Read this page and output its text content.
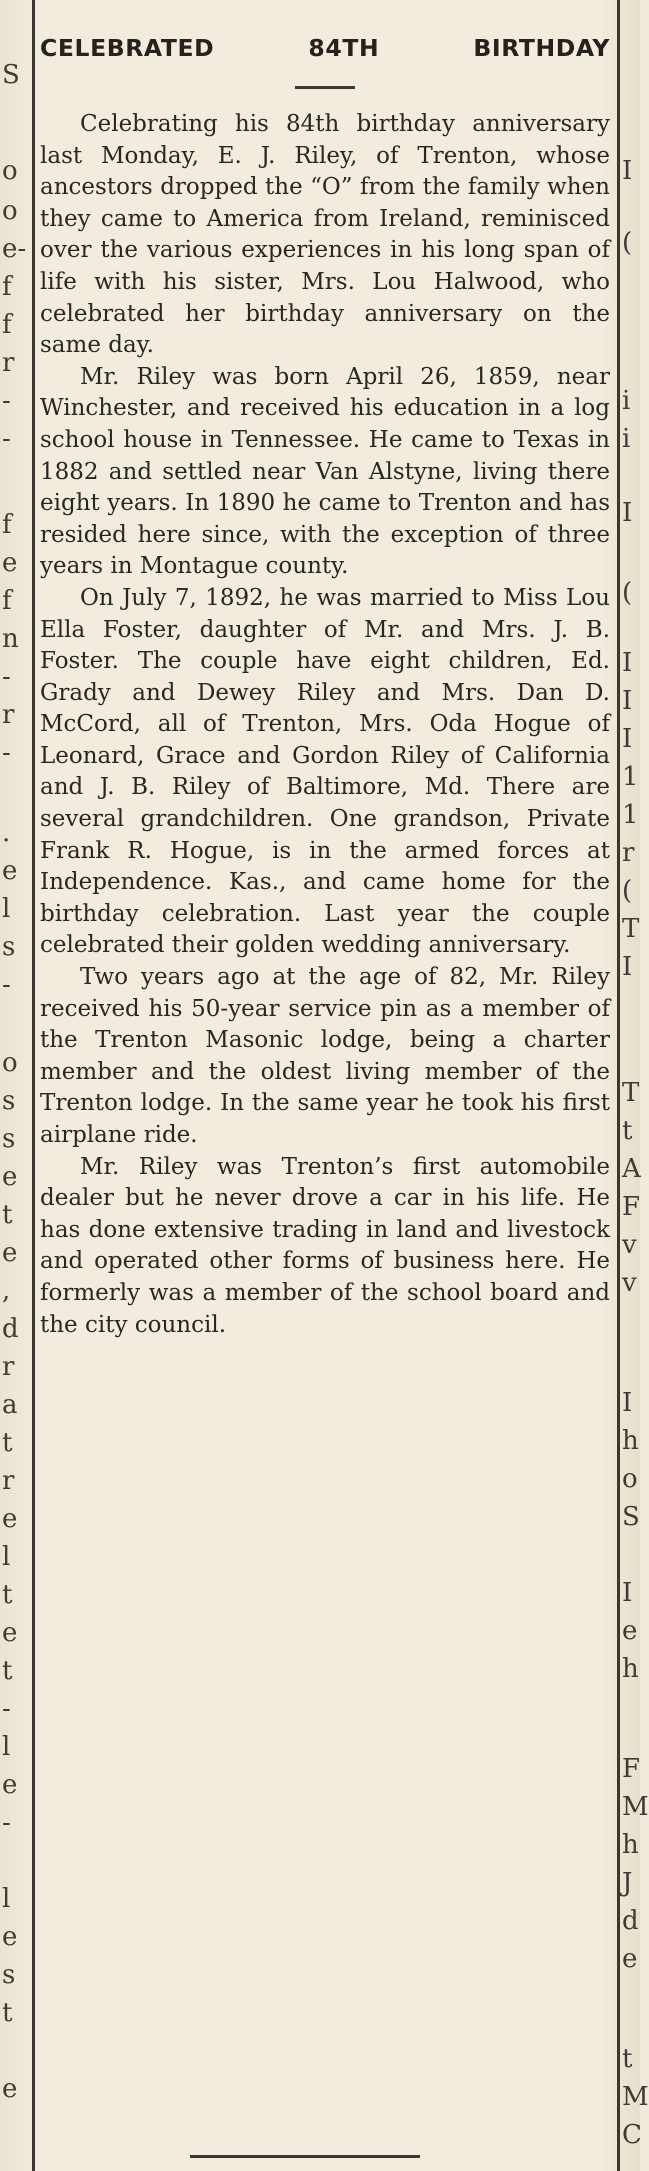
S
o
o
e-
f
f
r
-
-
f
e
f
n
-
r
-
.
e
l
s
-
o
s
s
e
t
e
,
d
r
a
t
r
e
l
t
e
t
-
l
e
-
l
e
s
t
e
I
(
i
i
I
(
I
I
I
1
1
r
(
T
I
T
t
A
F
v
v
I
h
o
S
I
e
h
F
M
h
J
d
e
t
M
C
CELEBRATED 84TH BIRTHDAY

Celebrating his 84th birthday anniversary last Monday, E. J. Riley, of Trenton, whose ancestors dropped the “O” from the family when they came to America from Ireland, reminisced over the various experiences in his long span of life with his sister, Mrs. Lou Halwood, who celebrated her birthday anniversary on the same day.

Mr. Riley was born April 26, 1859, near Winchester, and received his education in a log school house in Tennessee. He came to Texas in 1882 and settled near Van Alstyne, living there eight years. In 1890 he came to Trenton and has resided here since, with the exception of three years in Montague county.

On July 7, 1892, he was married to Miss Lou Ella Foster, daughter of Mr. and Mrs. J. B. Foster. The couple have eight children, Ed. Grady and Dewey Riley and Mrs. Dan D. McCord, all of Trenton, Mrs. Oda Hogue of Leonard, Grace and Gordon Riley of California and J. B. Riley of Baltimore, Md. There are several grandchildren. One grandson, Private Frank R. Hogue, is in the armed forces at Independence. Kas., and came home for the birthday celebration. Last year the couple celebrated their golden wedding anniversary.

Two years ago at the age of 82, Mr. Riley received his 50-year service pin as a member of the Trenton Masonic lodge, being a charter member and the oldest living member of the Trenton lodge. In the same year he took his first airplane ride.

Mr. Riley was Trenton’s first automobile dealer but he never drove a car in his life. He has done extensive trading in land and livestock and operated other forms of business here. He formerly was a member of the school board and the city council.
